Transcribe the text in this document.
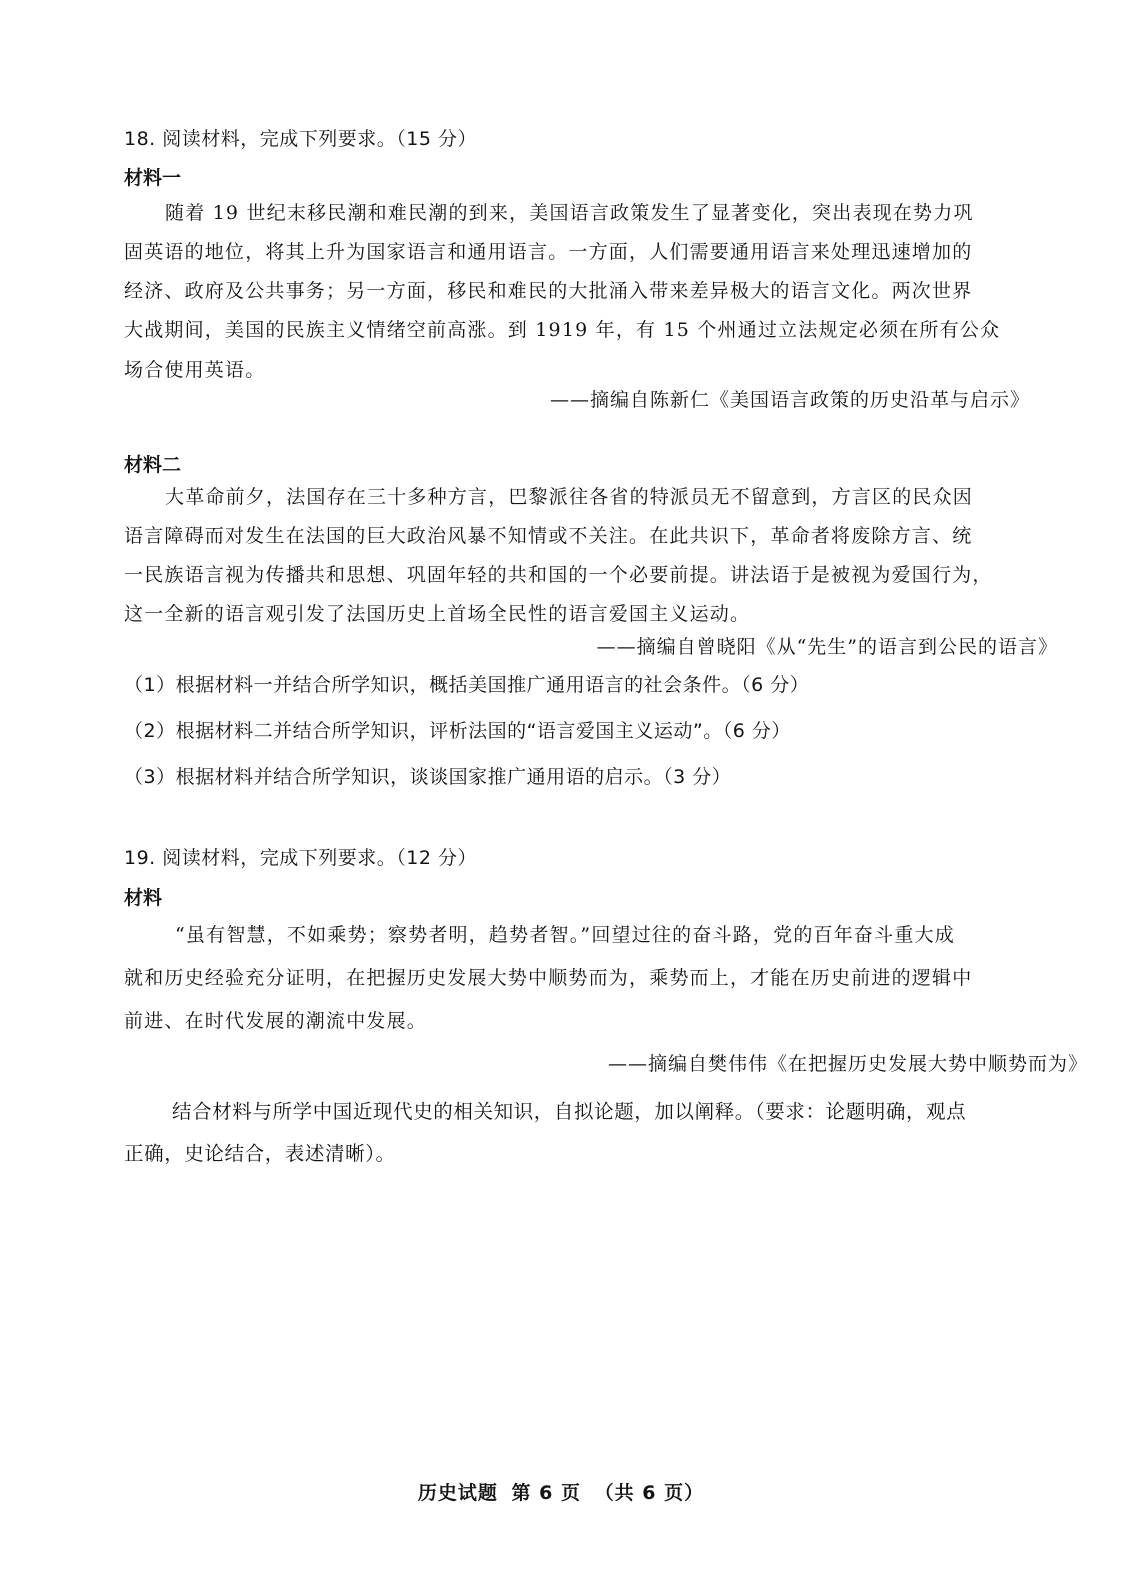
18. 阅读材料，完成下列要求。（15 分）
材料一
随着 19 世纪末移民潮和难民潮的到来，美国语言政策发生了显著变化，突出表现在势力巩
固英语的地位，将其上升为国家语言和通用语言。一方面，人们需要通用语言来处理迅速增加的
经济、政府及公共事务；另一方面，移民和难民的大批涌入带来差异极大的语言文化。两次世界
大战期间，美国的民族主义情绪空前高涨。到 1919 年，有 15 个州通过立法规定必须在所有公众
场合使用英语。
——摘编自陈新仁《美国语言政策的历史沿革与启示》
材料二
大革命前夕，法国存在三十多种方言，巴黎派往各省的特派员无不留意到，方言区的民众因
语言障碍而对发生在法国的巨大政治风暴不知情或不关注。在此共识下，革命者将废除方言、统
一民族语言视为传播共和思想、巩固年轻的共和国的一个必要前提。讲法语于是被视为爱国行为，
这一全新的语言观引发了法国历史上首场全民性的语言爱国主义运动。
——摘编自曾晓阳《从“先生”的语言到公民的语言》
（1）根据材料一并结合所学知识，概括美国推广通用语言的社会条件。（6 分）
（2）根据材料二并结合所学知识，评析法国的“语言爱国主义运动”。（6 分）
（3）根据材料并结合所学知识，谈谈国家推广通用语的启示。（3 分）
19. 阅读材料，完成下列要求。（12 分）
材料
“虽有智慧，不如乘势；察势者明，趋势者智。”回望过往的奋斗路，党的百年奋斗重大成
就和历史经验充分证明，在把握历史发展大势中顺势而为，乘势而上，才能在历史前进的逻辑中
前进、在时代发展的潮流中发展。
——摘编自樊伟伟《在把握历史发展大势中顺势而为》
结合材料与所学中国近现代史的相关知识，自拟论题，加以阐释。（要求：论题明确，观点
正确，史论结合，表述清晰）。
历史试题 第 6 页 （共 6 页）
